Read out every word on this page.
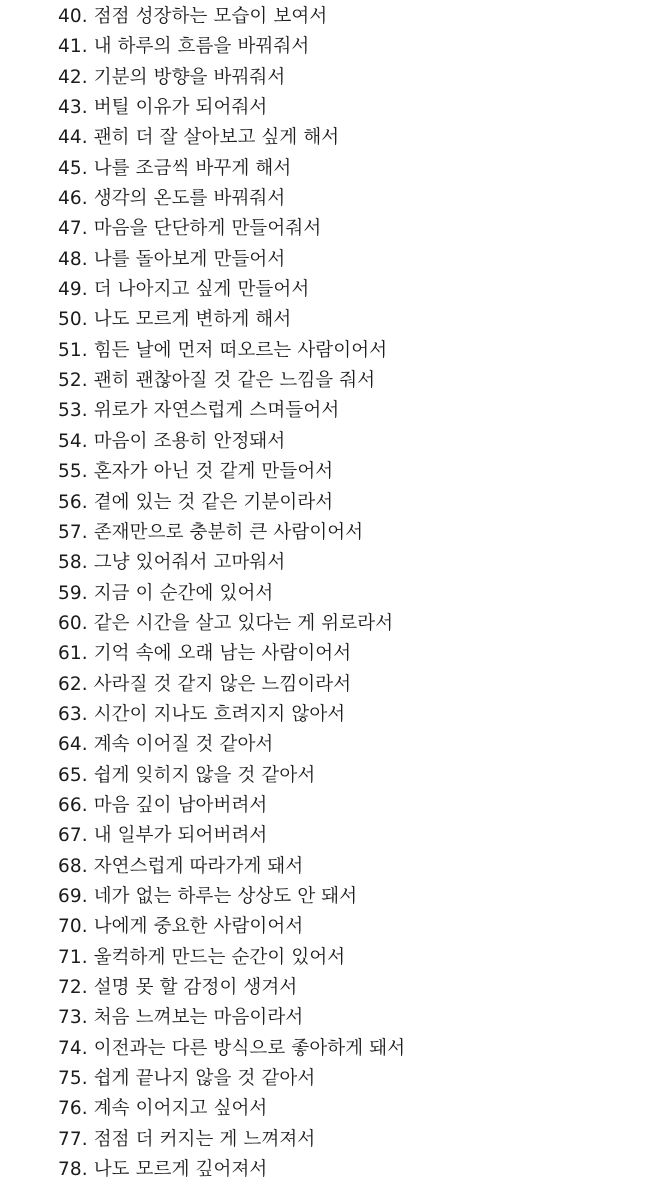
40. 점점 성장하는 모습이 보여서
41. 내 하루의 흐름을 바꿔줘서
42. 기분의 방향을 바꿔줘서
43. 버틸 이유가 되어줘서
44. 괜히 더 잘 살아보고 싶게 해서
45. 나를 조금씩 바꾸게 해서
46. 생각의 온도를 바꿔줘서
47. 마음을 단단하게 만들어줘서
48. 나를 돌아보게 만들어서
49. 더 나아지고 싶게 만들어서
50. 나도 모르게 변하게 해서
51. 힘든 날에 먼저 떠오르는 사람이어서
52. 괜히 괜찮아질 것 같은 느낌을 줘서
53. 위로가 자연스럽게 스며들어서
54. 마음이 조용히 안정돼서
55. 혼자가 아닌 것 같게 만들어서
56. 곁에 있는 것 같은 기분이라서
57. 존재만으로 충분히 큰 사람이어서
58. 그냥 있어줘서 고마워서
59. 지금 이 순간에 있어서
60. 같은 시간을 살고 있다는 게 위로라서
61. 기억 속에 오래 남는 사람이어서
62. 사라질 것 같지 않은 느낌이라서
63. 시간이 지나도 흐려지지 않아서
64. 계속 이어질 것 같아서
65. 쉽게 잊히지 않을 것 같아서
66. 마음 깊이 남아버려서
67. 내 일부가 되어버려서
68. 자연스럽게 따라가게 돼서
69. 네가 없는 하루는 상상도 안 돼서
70. 나에게 중요한 사람이어서
71. 울컥하게 만드는 순간이 있어서
72. 설명 못 할 감정이 생겨서
73. 처음 느껴보는 마음이라서
74. 이전과는 다른 방식으로 좋아하게 돼서
75. 쉽게 끝나지 않을 것 같아서
76. 계속 이어지고 싶어서
77. 점점 더 커지는 게 느껴져서
78. 나도 모르게 깊어져서
